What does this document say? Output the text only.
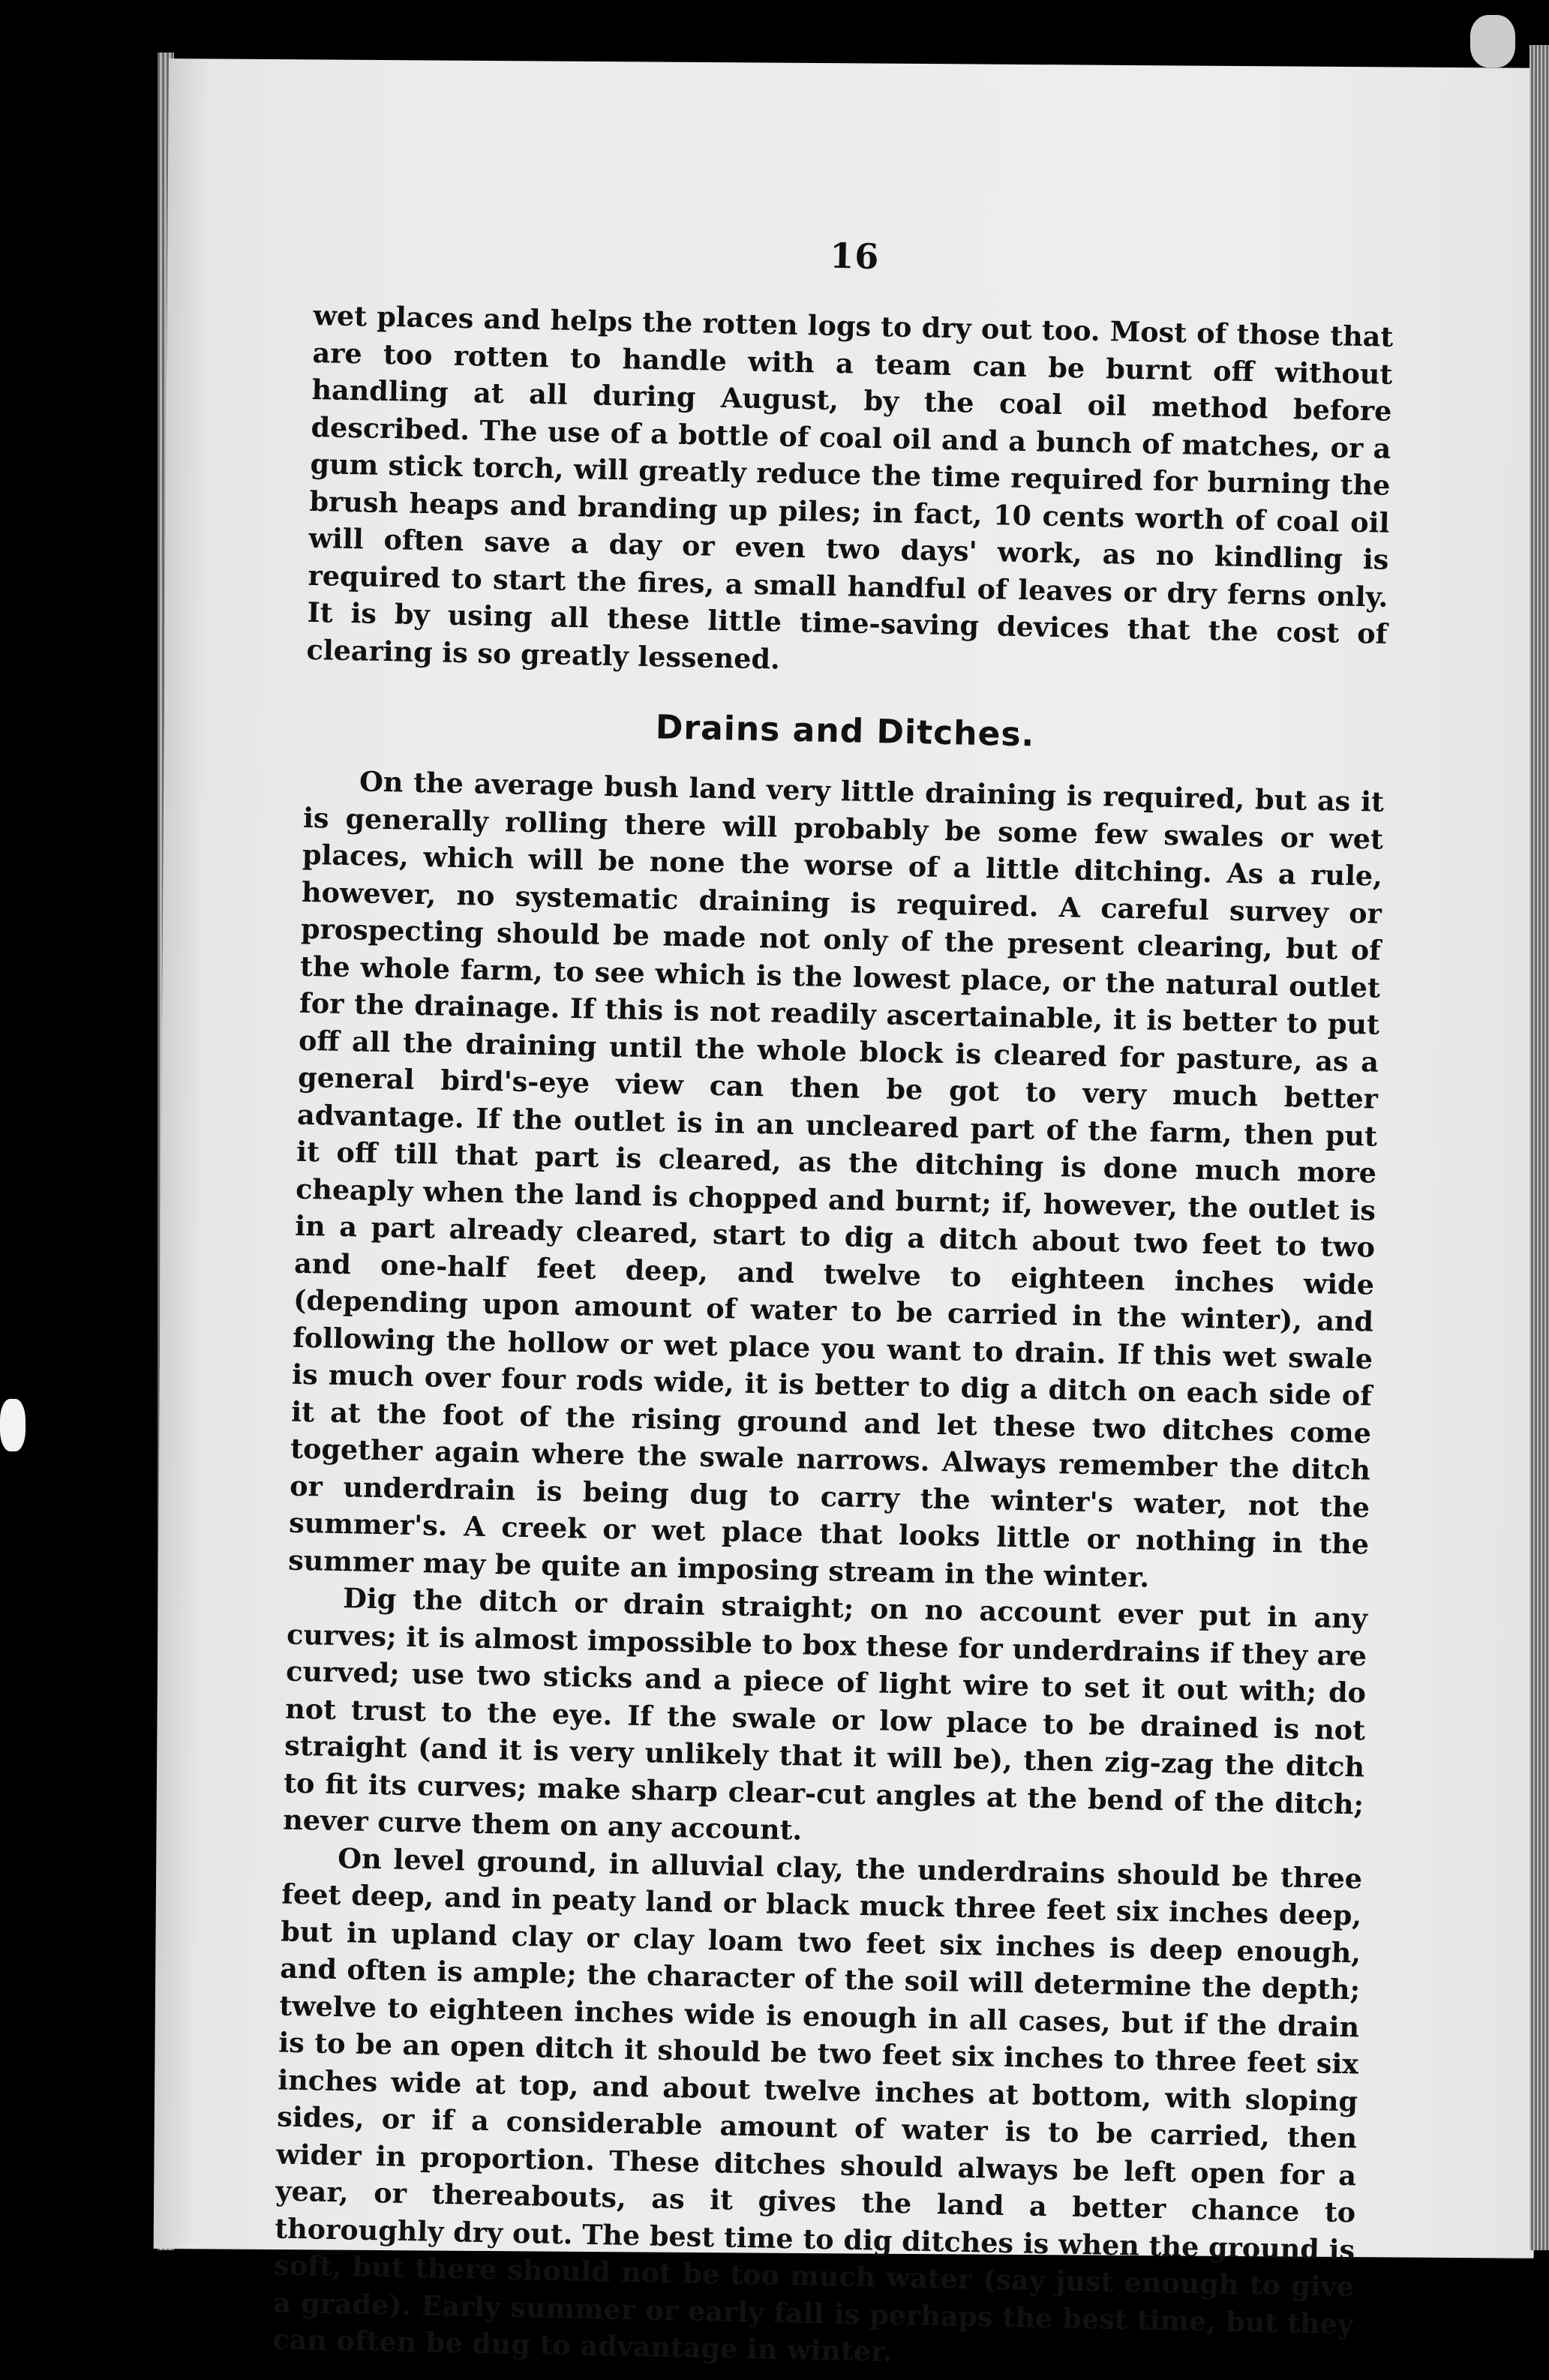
16

wet places and helps the rotten logs to dry out too. Most of those that are too rotten to handle with a team can be burnt off without handling at all during August, by the coal oil method before described. The use of a bottle of coal oil and a bunch of matches, or a gum stick torch, will greatly reduce the time required for burning the brush heaps and branding up piles; in fact, 10 cents worth of coal oil will often save a day or even two days' work, as no kindling is required to start the fires, a small handful of leaves or dry ferns only. It is by using all these little time-saving devices that the cost of clearing is so greatly lessened.

Drains and Ditches.

On the average bush land very little draining is required, but as it is generally rolling there will probably be some few swales or wet places, which will be none the worse of a little ditching. As a rule, however, no systematic draining is required. A careful survey or prospecting should be made not only of the present clearing, but of the whole farm, to see which is the lowest place, or the natural outlet for the drainage. If this is not readily ascertainable, it is better to put off all the draining until the whole block is cleared for pasture, as a general bird's-eye view can then be got to very much better advantage. If the outlet is in an uncleared part of the farm, then put it off till that part is cleared, as the ditching is done much more cheaply when the land is chopped and burnt; if, however, the outlet is in a part already cleared, start to dig a ditch about two feet to two and one-half feet deep, and twelve to eighteen inches wide (depending upon amount of water to be carried in the winter), and following the hollow or wet place you want to drain. If this wet swale is much over four rods wide, it is better to dig a ditch on each side of it at the foot of the rising ground and let these two ditches come together again where the swale narrows. Always remember the ditch or underdrain is being dug to carry the winter's water, not the summer's. A creek or wet place that looks little or nothing in the summer may be quite an imposing stream in the winter.

Dig the ditch or drain straight; on no account ever put in any curves; it is almost impossible to box these for underdrains if they are curved; use two sticks and a piece of light wire to set it out with; do not trust to the eye. If the swale or low place to be drained is not straight (and it is very unlikely that it will be), then zig-zag the ditch to fit its curves; make sharp clear-cut angles at the bend of the ditch; never curve them on any account.

On level ground, in alluvial clay, the underdrains should be three feet deep, and in peaty land or black muck three feet six inches deep, but in upland clay or clay loam two feet six inches is deep enough, and often is ample; the character of the soil will determine the depth; twelve to eighteen inches wide is enough in all cases, but if the drain is to be an open ditch it should be two feet six inches to three feet six inches wide at top, and about twelve inches at bottom, with sloping sides, or if a considerable amount of water is to be carried, then wider in proportion. These ditches should always be left open for a year, or thereabouts, as it gives the land a better chance to thoroughly dry out. The best time to dig ditches is when the ground is soft, but there should not be too much water (say just enough to give a grade). Early summer or early fall is perhaps the best time, but they can often be dug to advantage in winter.
